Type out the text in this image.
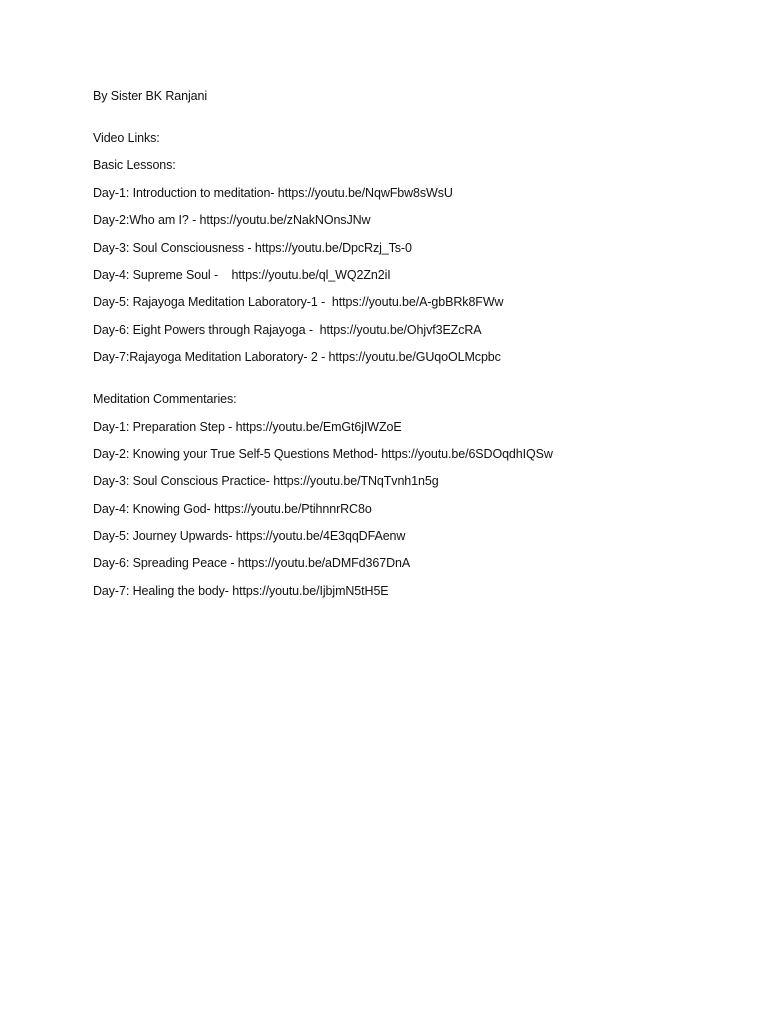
By Sister BK Ranjani
Video Links:
Basic Lessons:
Day-1: Introduction to meditation- https://youtu.be/NqwFbw8sWsU
Day-2:Who am I? - https://youtu.be/zNakNOnsJNw
Day-3: Soul Consciousness - https://youtu.be/DpcRzj_Ts-0
Day-4: Supreme Soul -    https://youtu.be/ql_WQ2Zn2iI
Day-5: Rajayoga Meditation Laboratory-1 -  https://youtu.be/A-gbBRk8FWw
Day-6: Eight Powers through Rajayoga -  https://youtu.be/Ohjvf3EZcRA
Day-7:Rajayoga Meditation Laboratory- 2 - https://youtu.be/GUqoOLMcpbc
Meditation Commentaries:
Day-1: Preparation Step - https://youtu.be/EmGt6jIWZoE
Day-2: Knowing your True Self-5 Questions Method- https://youtu.be/6SDOqdhIQSw
Day-3: Soul Conscious Practice- https://youtu.be/TNqTvnh1n5g
Day-4: Knowing God- https://youtu.be/PtihnnrRC8o
Day-5: Journey Upwards- https://youtu.be/4E3qqDFAenw
Day-6: Spreading Peace - https://youtu.be/aDMFd367DnA
Day-7: Healing the body- https://youtu.be/IjbjmN5tH5E
